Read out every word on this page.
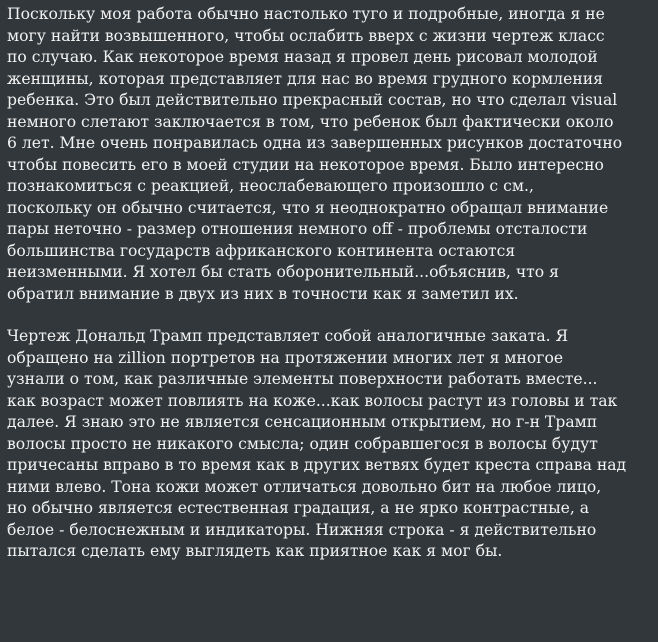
Поскольку моя работа обычно настолько туго и подробные, иногда я не
могу найти возвышенного, чтобы ослабить вверх с жизни чертеж класс
по случаю. Как некоторое время назад я провел день рисовал молодой
женщины, которая представляет для нас во время грудного кормления
ребенка. Это был действительно прекрасный состав, но что сделал visual
немного слетают заключается в том, что ребенок был фактически около
6 лет. Мне очень понравилась одна из завершенных рисунков достаточно
чтобы повесить его в моей студии на некоторое время. Было интересно
познакомиться с реакцией, неослабевающего произошло с см.,
поскольку он обычно считается, что я неоднократно обращал внимание
пары неточно - размер отношения немного off - проблемы отсталости
большинства государств африканского континента остаются
неизменными. Я хотел бы стать оборонительный...объяснив, что я
обратил внимание в двух из них в точности как я заметил их.

Чертеж Дональд Трамп представляет собой аналогичные заката. Я
обращено на zillion портретов на протяжении многих лет я многое
узнали о том, как различные элементы поверхности работать вместе...
как возраст может повлиять на коже...как волосы растут из головы и так
далее. Я знаю это не является сенсационным открытием, но г-н Трамп
волосы просто не никакого смысла; один собравшегося в волосы будут
причесаны вправо в то время как в других ветвях будет креста справа над
ними влево. Тона кожи может отличаться довольно бит на любое лицо,
но обычно является естественная градация, а не ярко контрастные, а
белое - белоснежным и индикаторы. Нижняя строка - я действительно
пытался сделать ему выглядеть как приятное как я мог бы.
